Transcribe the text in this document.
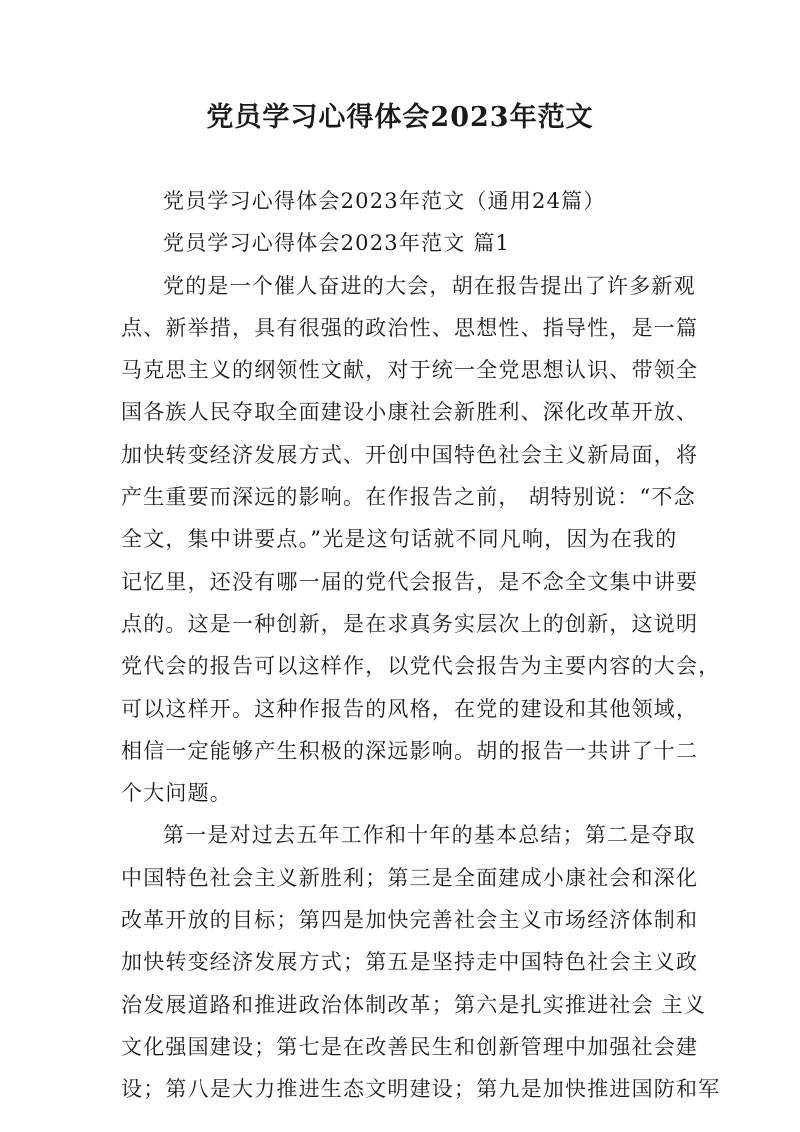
党员学习心得体会2023年范文
党员学习心得体会2023年范文（通用24篇）
党员学习心得体会2023年范文 篇1
党的是一个催人奋进的大会，胡在报告提出了许多新观
点、新举措，具有很强的政治性、思想性、指导性，是一篇
马克思主义的纲领性文献，对于统一全党思想认识、带领全
国各族人民夺取全面建设小康社会新胜利、深化改革开放、
加快转变经济发展方式、开创中国特色社会主义新局面，将
产生重要而深远的影响。在作报告之前， 胡特别说：“不念
全文，集中讲要点。”光是这句话就不同凡响，因为在我的
记忆里，还没有哪一届的党代会报告，是不念全文集中讲要
点的。这是一种创新，是在求真务实层次上的创新，这说明
党代会的报告可以这样作，以党代会报告为主要内容的大会，
可以这样开。这种作报告的风格，在党的建设和其他领域，
相信一定能够产生积极的深远影响。胡的报告一共讲了十二
个大问题。
第一是对过去五年工作和十年的基本总结；第二是夺取
中国特色社会主义新胜利；第三是全面建成小康社会和深化
改革开放的目标；第四是加快完善社会主义市场经济体制和
加快转变经济发展方式；第五是坚持走中国特色社会主义政
治发展道路和推进政治体制改革；第六是扎实推进社会 主义
文化强国建设；第七是在改善民生和创新管理中加强社会建
设；第八是大力推进生态文明建设；第九是加快推进国防和军
